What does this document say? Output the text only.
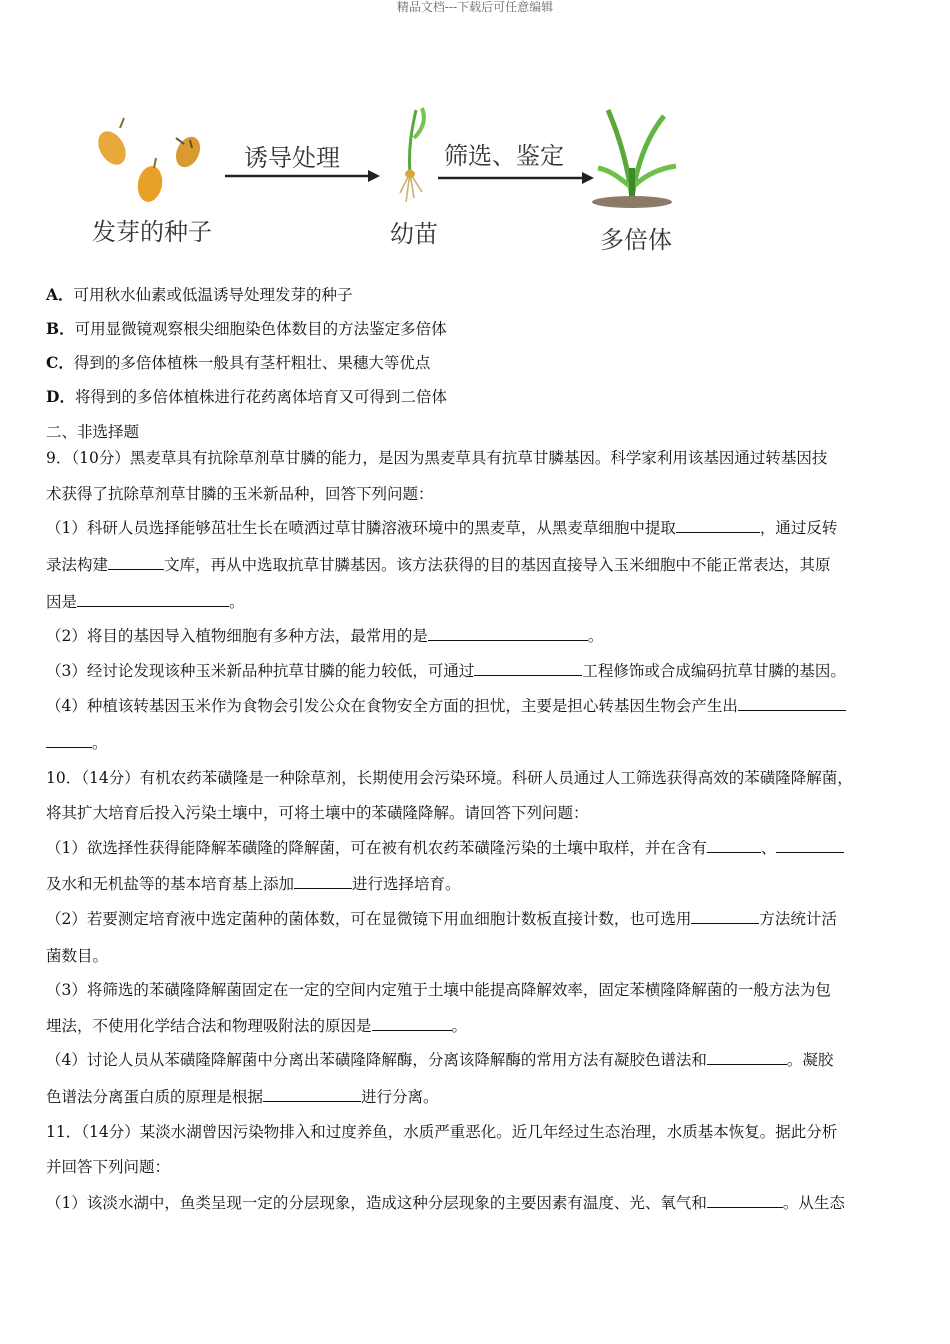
精品文档---下载后可任意编辑
发芽的种子
诱导处理
幼苗
筛选、鉴定
多倍体
A．可用秋水仙素或低温诱导处理发芽的种子
B．可用显微镜观察根尖细胞染色体数目的方法鉴定多倍体
C．得到的多倍体植株一般具有茎杆粗壮、果穗大等优点
D．将得到的多倍体植株进行花药离体培育又可得到二倍体
二、非选择题
9．（10分）黑麦草具有抗除草剂草甘膦的能力，是因为黑麦草具有抗草甘膦基因。科学家利用该基因通过转基因技
术获得了抗除草剂草甘膦的玉米新品种，回答下列问题：
（1）科研人员选择能够茁壮生长在喷洒过草甘膦溶液环境中的黑麦草，从黑麦草细胞中提取	，通过反转
录法构建	文库，再从中选取抗草甘膦基因。该方法获得的目的基因直接导入玉米细胞中不能正常表达，其原
因是	。
（2）将目的基因导入植物细胞有多种方法，最常用的是	。
（3）经讨论发现该种玉米新品种抗草甘膦的能力较低，可通过	工程修饰或合成编码抗草甘膦的基因。
（4）种植该转基因玉米作为食物会引发公众在食物安全方面的担忧，主要是担心转基因生物会产生出
。
10．（14分）有机农药苯磺隆是一种除草剂，长期使用会污染环境。科研人员通过人工筛选获得高效的苯磺隆降解菌，
将其扩大培育后投入污染土壤中，可将土壤中的苯磺隆降解。请回答下列问题：
（1）欲选择性获得能降解苯磺隆的降解菌，可在被有机农药苯磺隆污染的土壤中取样，并在含有	、
及水和无机盐等的基本培育基上添加	进行选择培育。
（2）若要测定培育液中选定菌种的菌体数，可在显微镜下用血细胞计数板直接计数，也可选用	方法统计活
菌数目。
（3）将筛选的苯磺隆降解菌固定在一定的空间内定殖于土壤中能提高降解效率，固定苯横隆降解菌的一般方法为包
埋法，不使用化学结合法和物理吸附法的原因是	。
（4）讨论人员从苯磺隆降解菌中分离出苯磺隆降解酶，分离该降解酶的常用方法有凝胶色谱法和	。凝胶
色谱法分离蛋白质的原理是根据	进行分离。
11．（14分）某淡水湖曾因污染物排入和过度养鱼，水质严重恶化。近几年经过生态治理，水质基本恢复。据此分析
并回答下列问题：
（1）该淡水湖中，鱼类呈现一定的分层现象，造成这种分层现象的主要因素有温度、光、氧气和	。从生态
